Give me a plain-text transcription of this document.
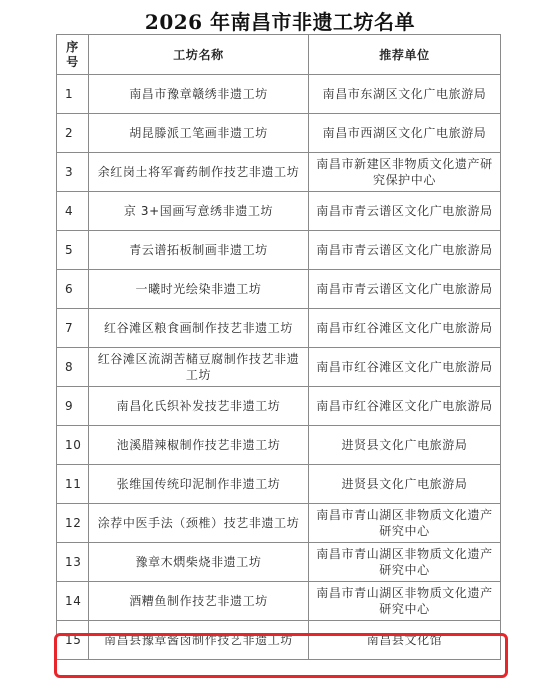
2026 年南昌市非遗工坊名单
序号	工坊名称	推荐单位
1	南昌市豫章赣绣非遗工坊	南昌市东湖区文化广电旅游局
2	胡昆滕派工笔画非遗工坊	南昌市西湖区文化广电旅游局
3	余红岗土将军膏药制作技艺非遗工坊	南昌市新建区非物质文化遗产研究保护中心
4	京 3+国画写意绣非遗工坊	南昌市青云谱区文化广电旅游局
5	青云谱拓板制画非遗工坊	南昌市青云谱区文化广电旅游局
6	一曦时光绘染非遗工坊	南昌市青云谱区文化广电旅游局
7	红谷滩区粮食画制作技艺非遗工坊	南昌市红谷滩区文化广电旅游局
8	红谷滩区流湖苦槠豆腐制作技艺非遗工坊	南昌市红谷滩区文化广电旅游局
9	南昌化氏织补发技艺非遗工坊	南昌市红谷滩区文化广电旅游局
10	池溪腊辣椒制作技艺非遗工坊	进贤县文化广电旅游局
11	张维国传统印泥制作非遗工坊	进贤县文化广电旅游局
12	涂荐中医手法（颈椎）技艺非遗工坊	南昌市青山湖区非物质文化遗产研究中心
13	豫章木熌柴烧非遗工坊	南昌市青山湖区非物质文化遗产研究中心
14	酒糟鱼制作技艺非遗工坊	南昌市青山湖区非物质文化遗产研究中心
15	南昌县豫章酱卤制作技艺非遗工坊	南昌县文化馆
